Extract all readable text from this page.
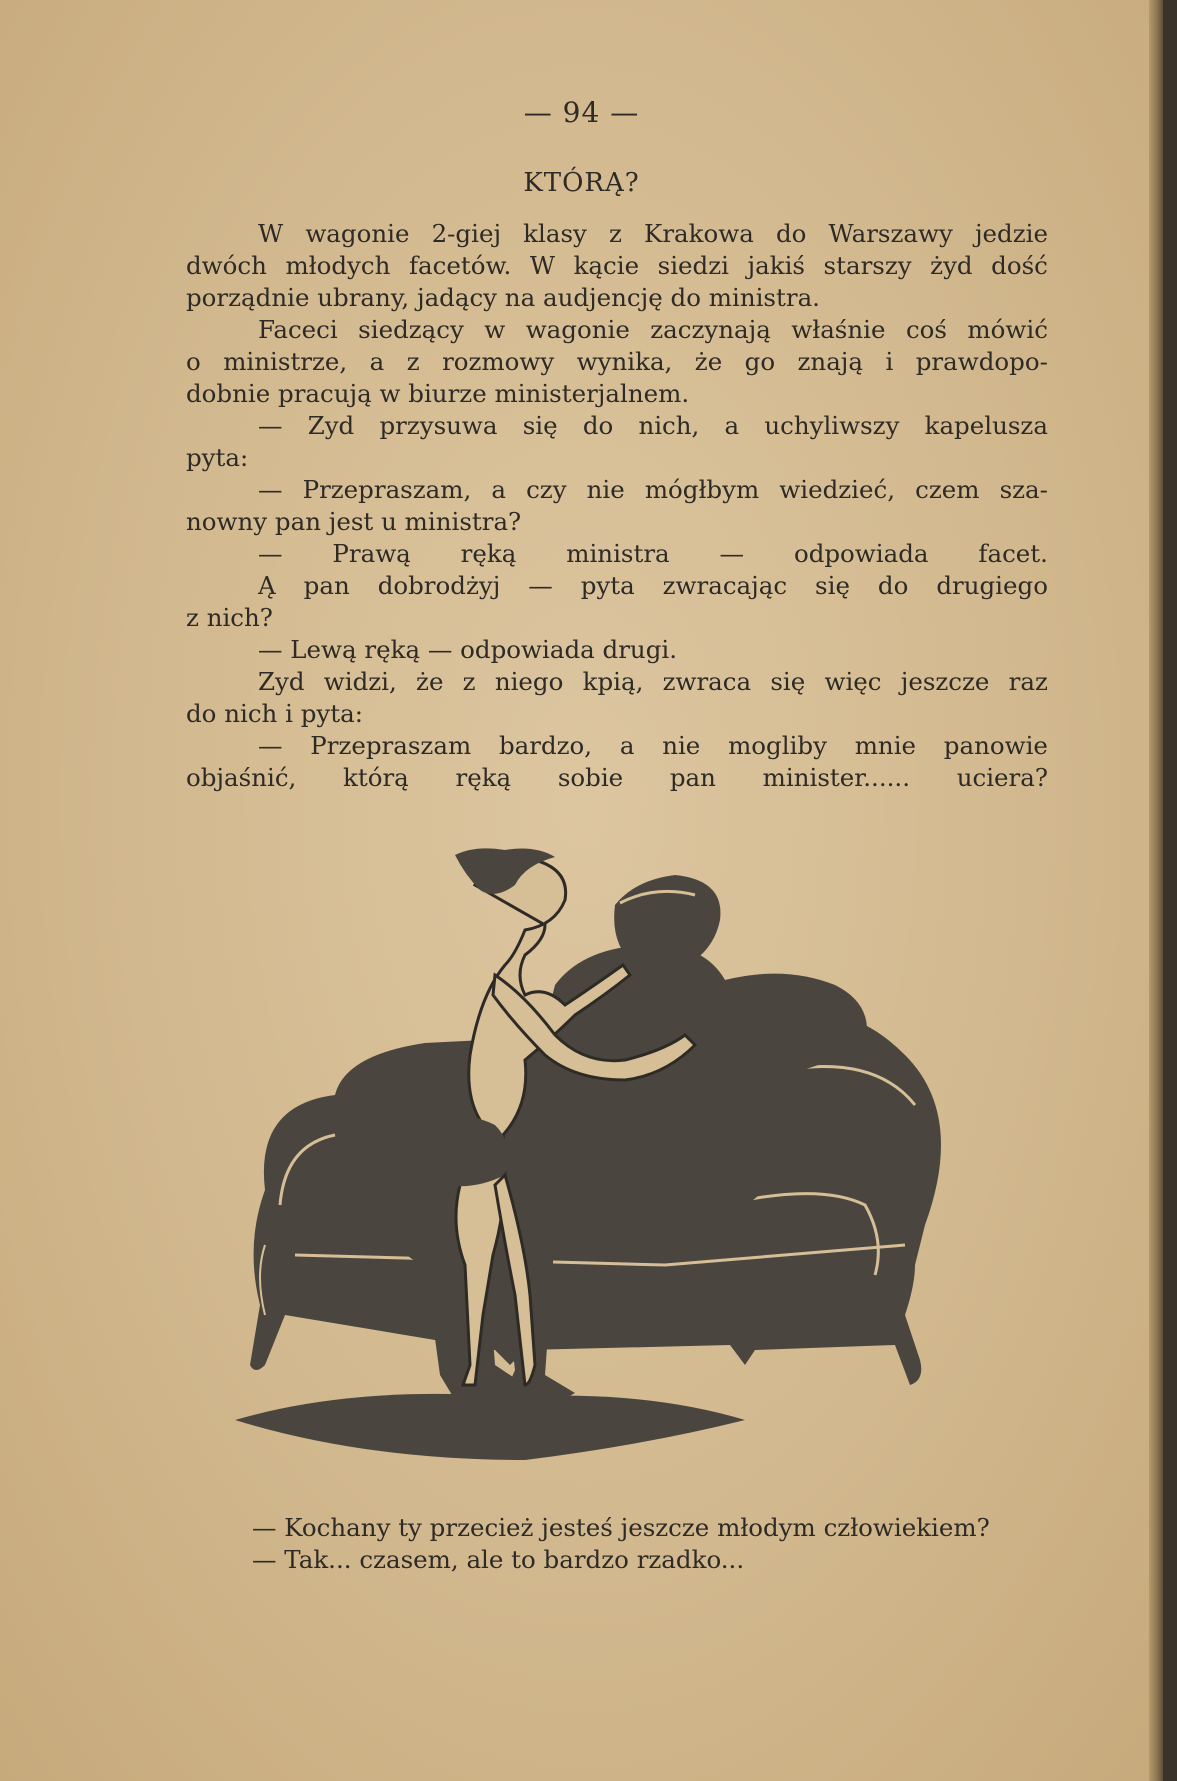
— 94 —
KTÓRĄ?
W wagonie 2-giej klasy z Krakowa do Warszawy jedzie
dwóch młodych facetów. W kącie siedzi jakiś starszy żyd dość
porządnie ubrany, jadący na audjencję do ministra.
Faceci siedzący w wagonie zaczynają właśnie coś mówić
o ministrze, a z rozmowy wynika, że go znają i prawdopo-
dobnie pracują w biurze ministerjalnem.
— Zyd przysuwa się do nich, a uchyliwszy kapelusza
pyta:
— Przepraszam, a czy nie mógłbym wiedzieć, czem sza-
nowny pan jest u ministra?
— Prawą ręką ministra — odpowiada facet.
Ą pan dobrodżyj — pyta zwracając się do drugiego
z nich?
— Lewą ręką — odpowiada drugi.
Zyd widzi, że z niego kpią, zwraca się więc jeszcze raz
do nich i pyta:
— Przepraszam bardzo, a nie mogliby mnie panowie
objaśnić, którą ręką sobie pan minister...... uciera?
— Kochany ty przecież jesteś jeszcze młodym człowiekiem?
— Tak... czasem, ale to bardzo rzadko...
